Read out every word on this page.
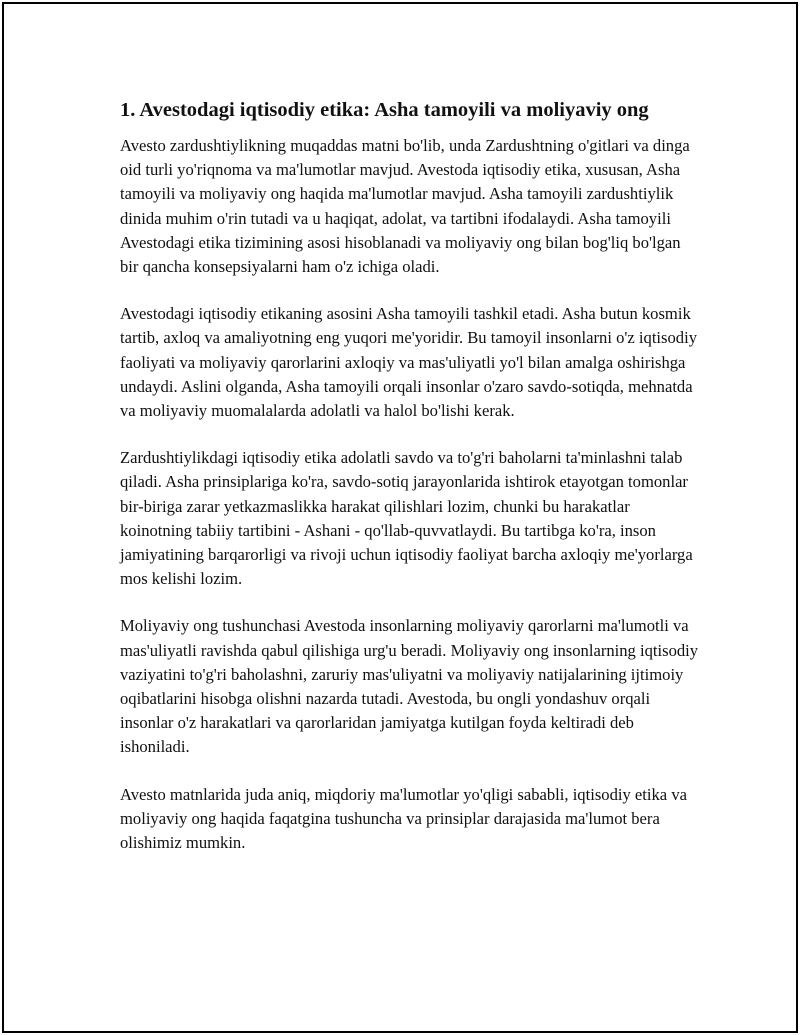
1. Avestodagi iqtisodiy etika: Asha tamoyili va moliyaviy ong

Avesto zardushtiylikning muqaddas matni bo'lib, unda Zardushtning o'gitlari va dinga oid turli yo'riqnoma va ma'lumotlar mavjud. Avestoda iqtisodiy etika, xususan, Asha tamoyili va moliyaviy ong haqida ma'lumotlar mavjud. Asha tamoyili zardushtiylik dinida muhim o'rin tutadi va u haqiqat, adolat, va tartibni ifodalaydi. Asha tamoyili Avestodagi etika tizimining asosi hisoblanadi va moliyaviy ong bilan bog'liq bo'lgan bir qancha konsepsiyalarni ham o'z ichiga oladi.

Avestodagi iqtisodiy etikaning asosini Asha tamoyili tashkil etadi. Asha butun kosmik tartib, axloq va amaliyotning eng yuqori me'yoridir. Bu tamoyil insonlarni o'z iqtisodiy faoliyati va moliyaviy qarorlarini axloqiy va mas'uliyatli yo'l bilan amalga oshirishga undaydi. Aslini olganda, Asha tamoyili orqali insonlar o'zaro savdo-sotiqda, mehnatda va moliyaviy muomalalarda adolatli va halol bo'lishi kerak.

Zardushtiylikdagi iqtisodiy etika adolatli savdo va to'g'ri baholarni ta'minlashni talab qiladi. Asha prinsiplariga ko'ra, savdo-sotiq jarayonlarida ishtirok etayotgan tomonlar bir-biriga zarar yetkazmaslikka harakat qilishlari lozim, chunki bu harakatlar koinotning tabiiy tartibini - Ashani - qo'llab-quvvatlaydi. Bu tartibga ko'ra, inson jamiyatining barqarorligi va rivoji uchun iqtisodiy faoliyat barcha axloqiy me'yorlarga mos kelishi lozim.

Moliyaviy ong tushunchasi Avestoda insonlarning moliyaviy qarorlarni ma'lumotli va mas'uliyatli ravishda qabul qilishiga urg'u beradi. Moliyaviy ong insonlarning iqtisodiy vaziyatini to'g'ri baholashni, zaruriy mas'uliyatni va moliyaviy natijalarining ijtimoiy oqibatlarini hisobga olishni nazarda tutadi. Avestoda, bu ongli yondashuv orqali insonlar o'z harakatlari va qarorlaridan jamiyatga kutilgan foyda keltiradi deb ishoniladi.

Avesto matnlarida juda aniq, miqdoriy ma'lumotlar yo'qligi sababli, iqtisodiy etika va moliyaviy ong haqida faqatgina tushuncha va prinsiplar darajasida ma'lumot bera olishimiz mumkin.
